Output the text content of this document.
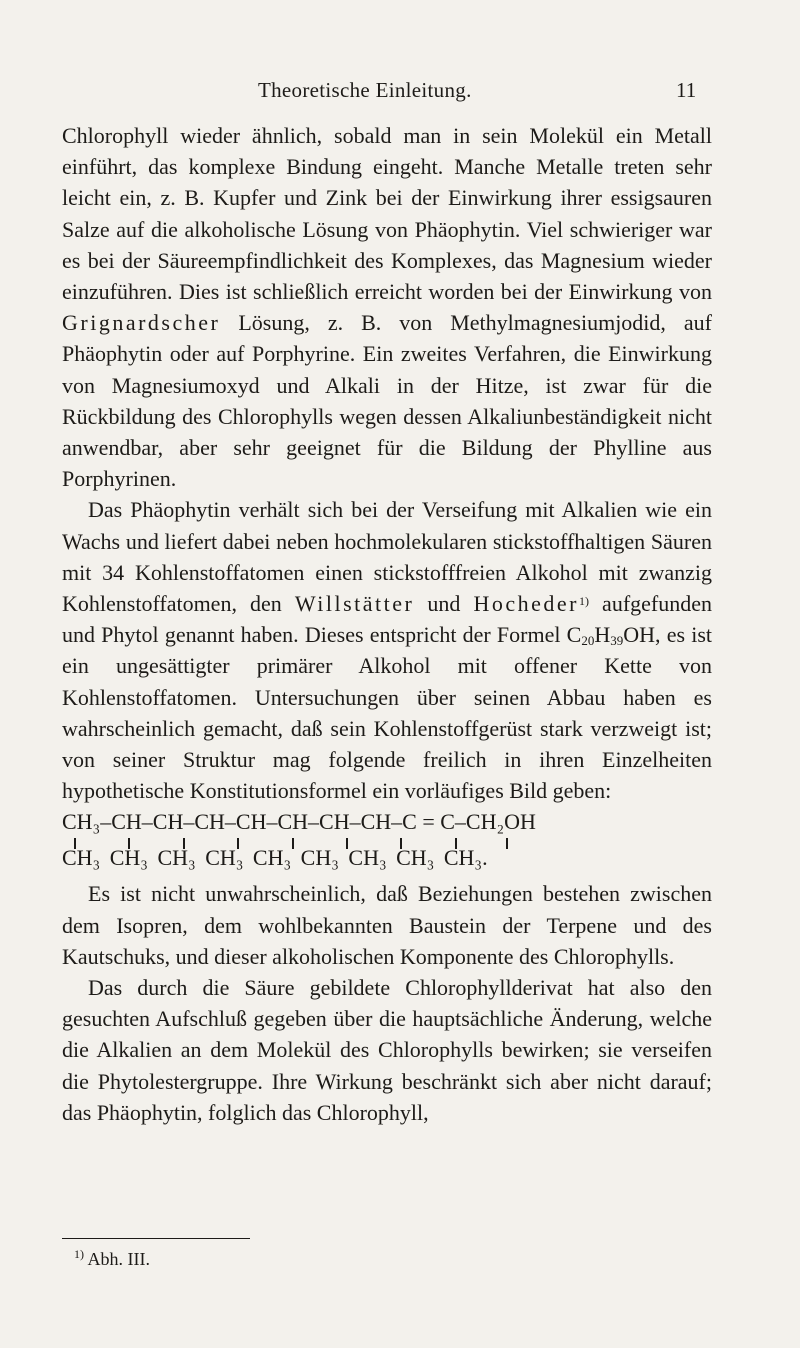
Theoretische Einleitung.	11

Chlorophyll wieder ähnlich, sobald man in sein Molekül ein Metall einführt, das komplexe Bindung eingeht. Manche Metalle treten sehr leicht ein, z. B. Kupfer und Zink bei der Einwirkung ihrer essigsauren Salze auf die alkoholische Lösung von Phäophytin. Viel schwieriger war es bei der Säureempfindlichkeit des Komplexes, das Magnesium wieder einzuführen. Dies ist schließlich erreicht worden bei der Einwirkung von Grignardscher Lösung, z. B. von Methylmagnesiumjodid, auf Phäophytin oder auf Porphyrine. Ein zweites Verfahren, die Einwirkung von Magnesiumoxyd und Alkali in der Hitze, ist zwar für die Rückbildung des Chlorophylls wegen dessen Alkaliunbeständigkeit nicht anwendbar, aber sehr geeignet für die Bildung der Phylline aus Porphyrinen.

Das Phäophytin verhält sich bei der Verseifung mit Alkalien wie ein Wachs und liefert dabei neben hochmolekularen stickstoffhaltigen Säuren mit 34 Kohlenstoffatomen einen stickstofffreien Alkohol mit zwanzig Kohlenstoffatomen, den Willstätter und Hocheder$^{1)}$ aufgefunden und Phytol genannt haben. Dieses entspricht der Formel $C_{20}H_{39}OH$, es ist ein ungesättigter primärer Alkohol mit offener Kette von Kohlenstoffatomen. Untersuchungen über seinen Abbau haben es wahrscheinlich gemacht, daß sein Kohlenstoffgerüst stark verzweigt ist; von seiner Struktur mag folgende freilich in ihren Einzelheiten hypothetische Konstitutionsformel ein vorläufiges Bild geben:

CH₃–CH–CH–CH–CH–CH–CH–CH–C = C–CH₂OH
CH₃ CH₃ CH₃ CH₃ CH₃ CH₃ CH₃ CH₃ CH₃.

Es ist nicht unwahrscheinlich, daß Beziehungen bestehen zwischen dem Isopren, dem wohlbekannten Baustein der Terpene und des Kautschuks, und dieser alkoholischen Komponente des Chlorophylls.

Das durch die Säure gebildete Chlorophyllderivat hat also den gesuchten Aufschluß gegeben über die hauptsächliche Änderung, welche die Alkalien an dem Molekül des Chlorophylls bewirken; sie verseifen die Phytolestergruppe. Ihre Wirkung beschränkt sich aber nicht darauf; das Phäophytin, folglich das Chlorophyll,

$^{1)}$ Abh. III.
